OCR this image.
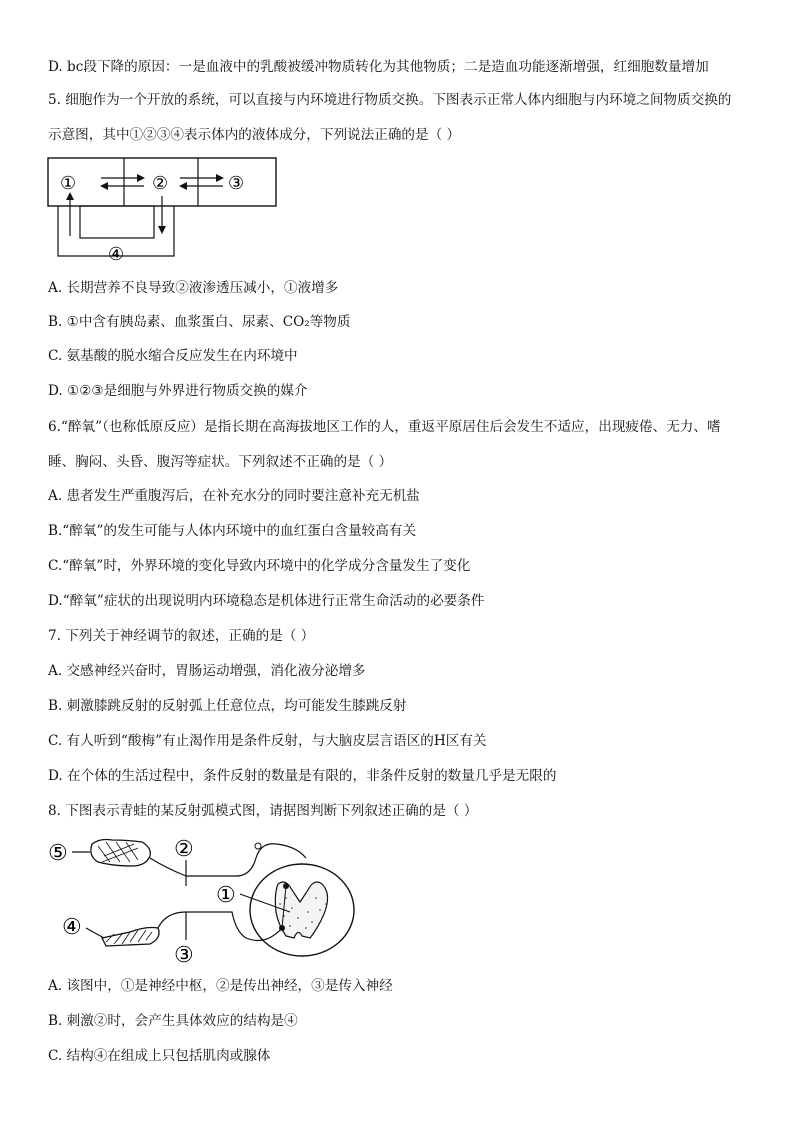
D. bc段下降的原因：一是血液中的乳酸被缓冲物质转化为其他物质；二是造血功能逐渐增强，红细胞数量增加
5. 细胞作为一个开放的系统，可以直接与内环境进行物质交换。下图表示正常人体内细胞与内环境之间物质交换的
示意图，其中①②③④表示体内的液体成分，下列说法正确的是（ ）
①	②	③
④
A. 长期营养不良导致②液渗透压减小，①液增多
B. ①中含有胰岛素、血浆蛋白、尿素、CO₂等物质
C. 氨基酸的脱水缩合反应发生在内环境中
D. ①②③是细胞与外界进行物质交换的媒介
6.“醉氧”（也称低原反应）是指长期在高海拔地区工作的人，重返平原居住后会发生不适应，出现疲倦、无力、嗜
睡、胸闷、头昏、腹泻等症状。下列叙述不正确的是（ ）
A. 患者发生严重腹泻后，在补充水分的同时要注意补充无机盐
B.“醉氧”的发生可能与人体内环境中的血红蛋白含量较高有关
C.“醉氧”时，外界环境的变化导致内环境中的化学成分含量发生了变化
D.“醉氧”症状的出现说明内环境稳态是机体进行正常生命活动的必要条件
7. 下列关于神经调节的叙述，正确的是（ ）
A. 交感神经兴奋时，胃肠运动增强，消化液分泌增多
B. 刺激膝跳反射的反射弧上任意位点，均可能发生膝跳反射
C. 有人听到“酸梅”有止渴作用是条件反射，与大脑皮层言语区的H区有关
D. 在个体的生活过程中，条件反射的数量是有限的，非条件反射的数量几乎是无限的
8. 下图表示青蛙的某反射弧模式图，请据图判断下列叙述正确的是（ ）
⑤	②
①
③
④
A. 该图中，①是神经中枢，②是传出神经，③是传入神经
B. 刺激②时，会产生具体效应的结构是④
C. 结构④在组成上只包括肌肉或腺体
